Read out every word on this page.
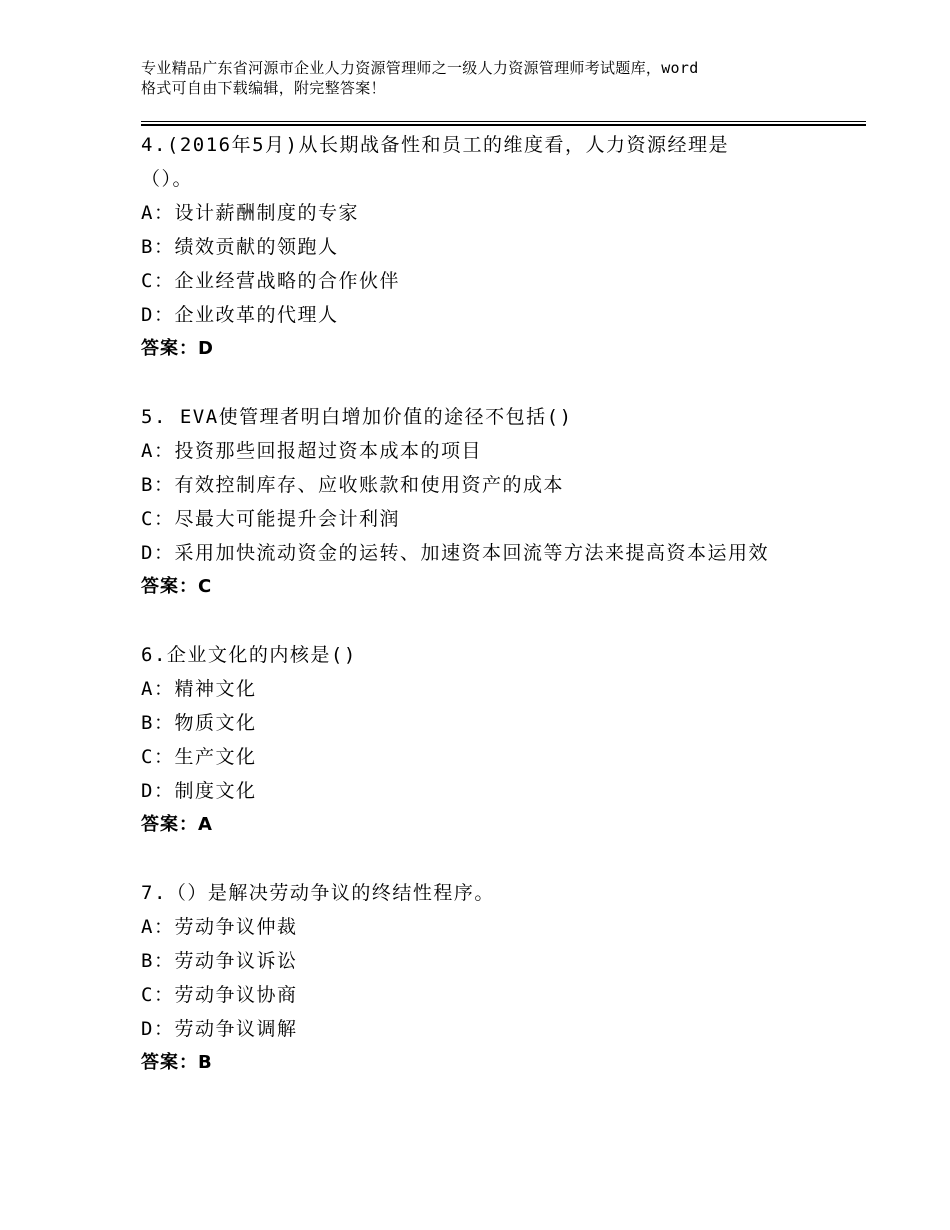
专业精品广东省河源市企业人力资源管理师之一级人力资源管理师考试题库，word
格式可自由下载编辑，附完整答案！
4.(2016年5月)从长期战备性和员工的维度看，人力资源经理是
（）。
A：设计薪酬制度的专家
B：绩效贡献的领跑人
C：企业经营战略的合作伙伴
D：企业改革的代理人
答案：D
5. EVA使管理者明白增加价值的途径不包括()
A：投资那些回报超过资本成本的项目
B：有效控制库存、应收账款和使用资产的成本
C：尽最大可能提升会计利润
D：采用加快流动资金的运转、加速资本回流等方法来提高资本运用效
答案：C
6.企业文化的内核是()
A：精神文化
B：物质文化
C：生产文化
D：制度文化
答案：A
7.（）是解决劳动争议的终结性程序。
A：劳动争议仲裁
B：劳动争议诉讼
C：劳动争议协商
D：劳动争议调解
答案：B
